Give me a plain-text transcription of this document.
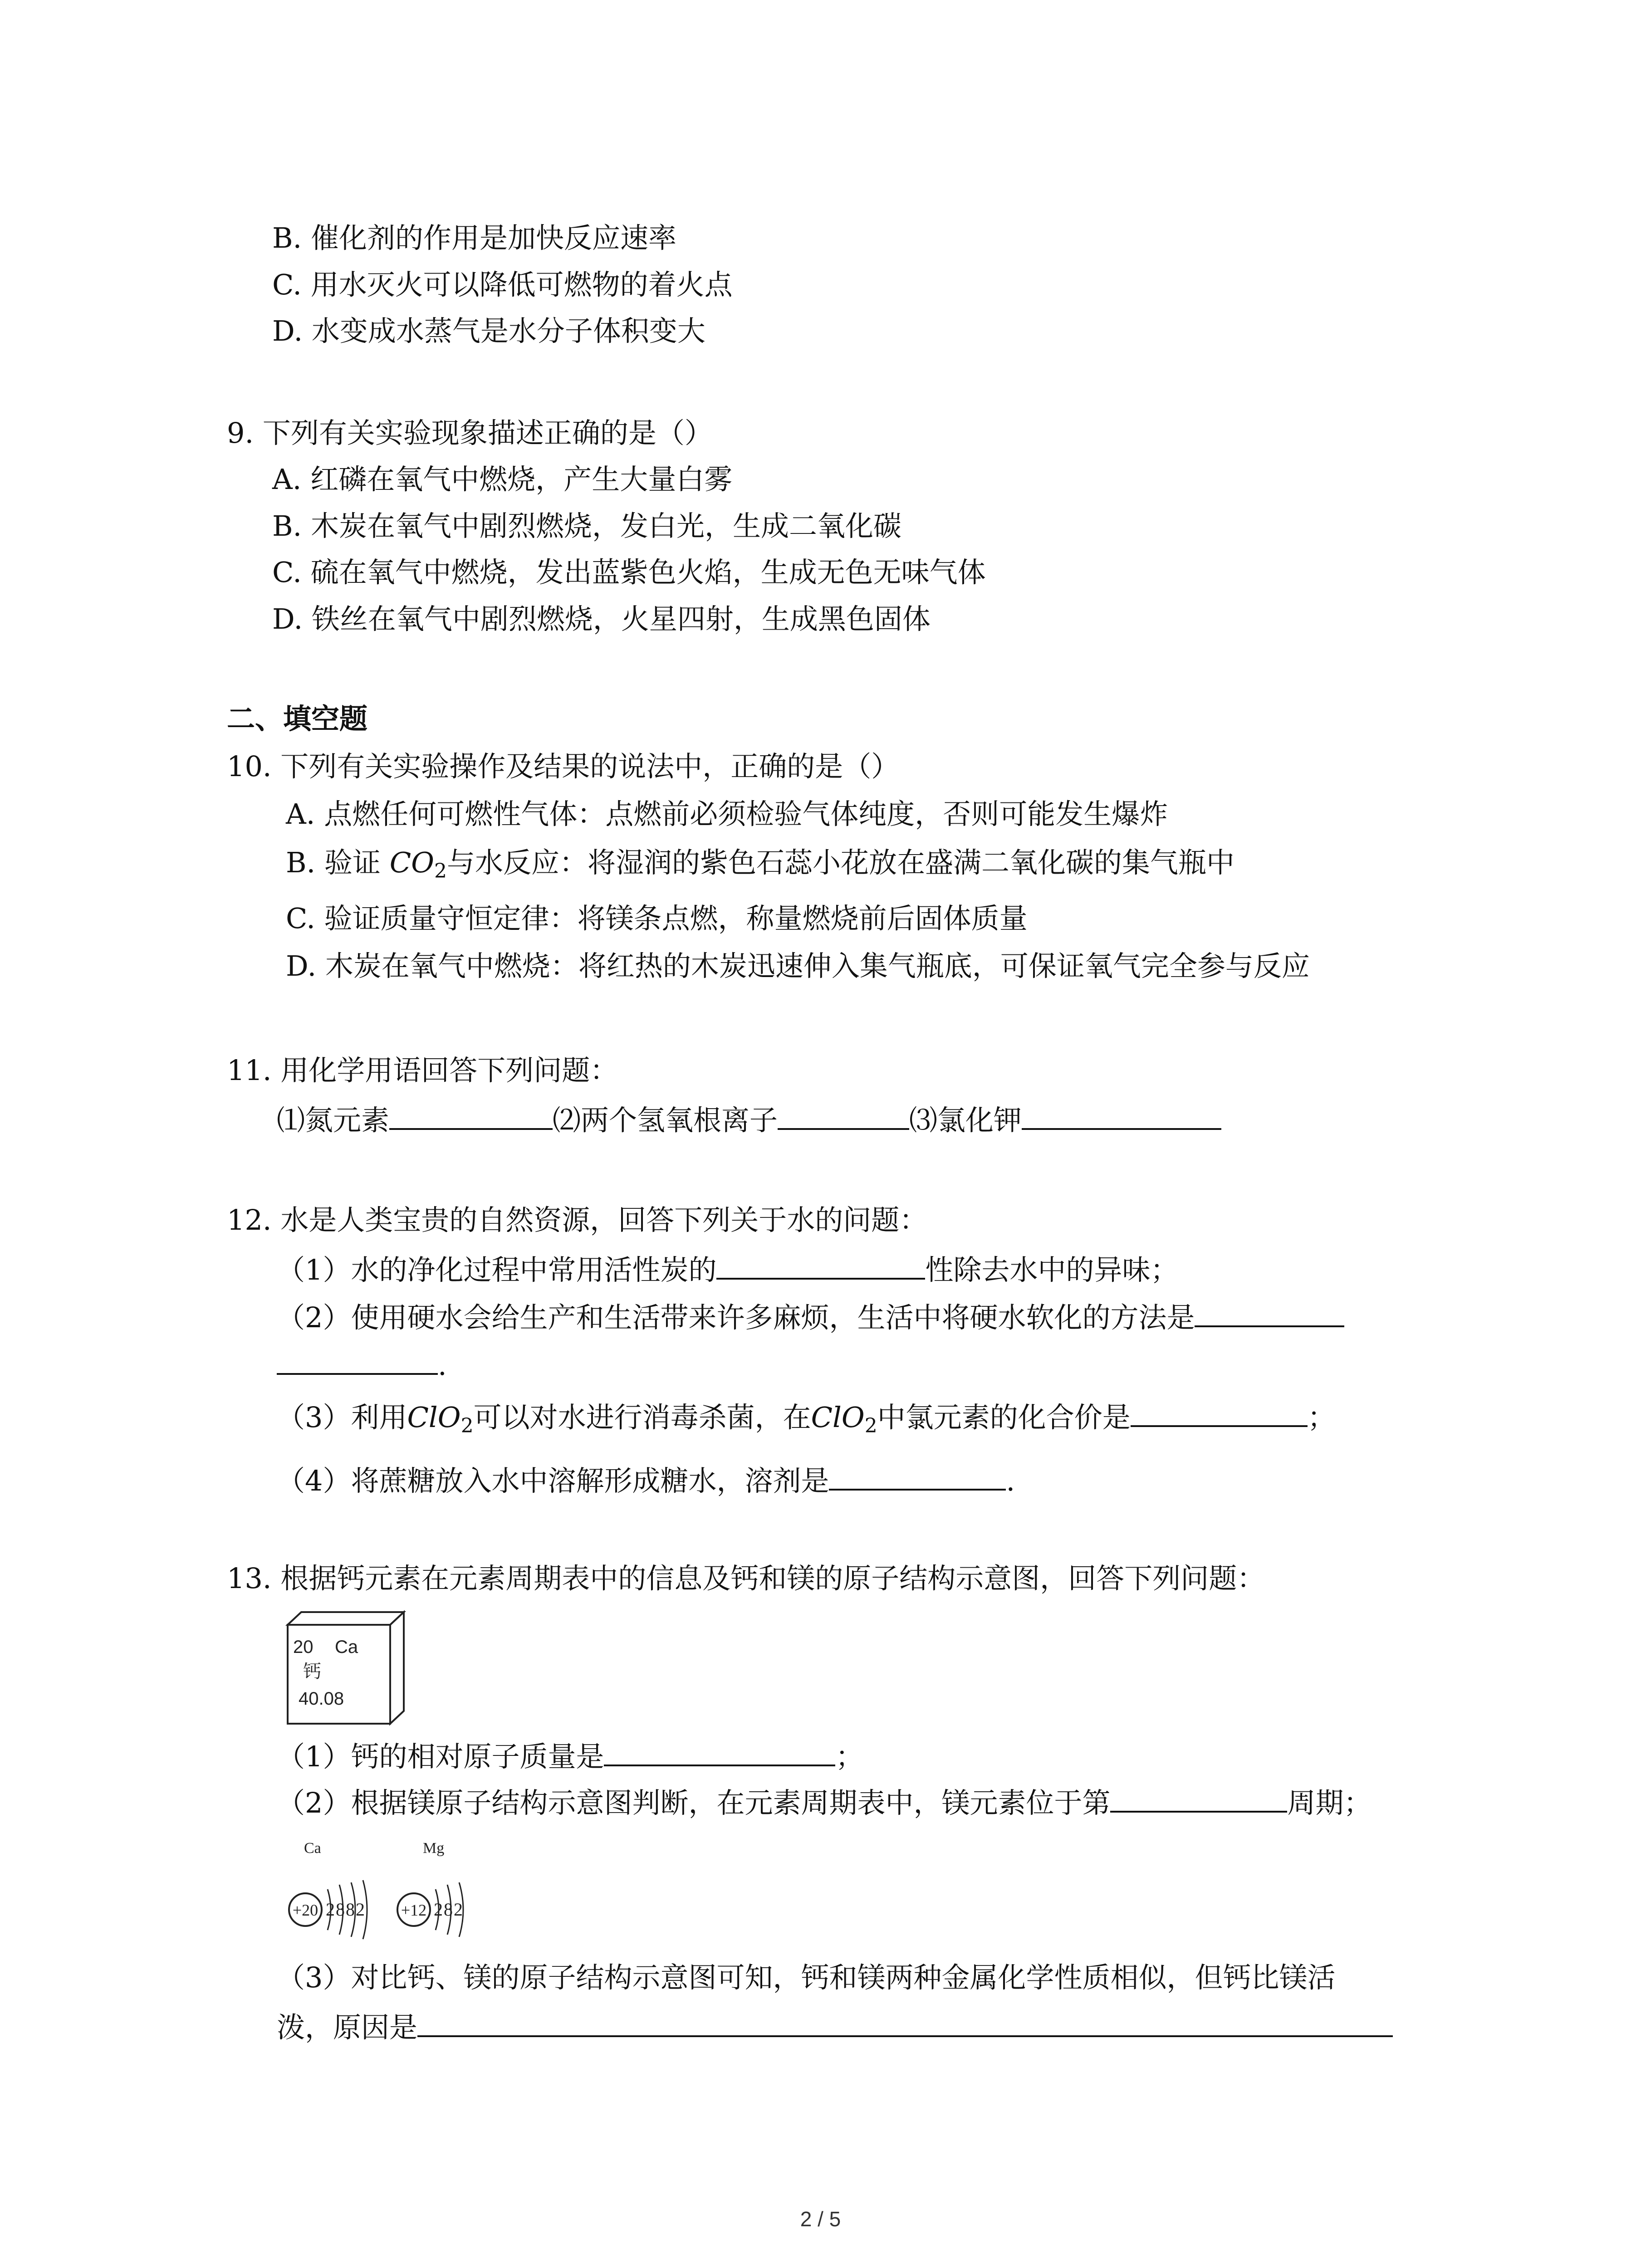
B. 催化剂的作用是加快反应速率
C. 用水灭火可以降低可燃物的着火点
D. 水变成水蒸气是水分子体积变大
9. 下列有关实验现象描述正确的是（）
A. 红磷在氧气中燃烧，产生大量白雾
B. 木炭在氧气中剧烈燃烧，发白光，生成二氧化碳
C. 硫在氧气中燃烧，发出蓝紫色火焰，生成无色无味气体
D. 铁丝在氧气中剧烈燃烧，火星四射，生成黑色固体
二、填空题
10. 下列有关实验操作及结果的说法中，正确的是（）
A. 点燃任何可燃性气体：点燃前必须检验气体纯度，否则可能发生爆炸
B. 验证 $CO_2$与水反应：将湿润的紫色石蕊小花放在盛满二氧化碳的集气瓶中
C. 验证质量守恒定律：将镁条点燃，称量燃烧前后固体质量
D. 木炭在氧气中燃烧：将红热的木炭迅速伸入集气瓶底，可保证氧气完全参与反应
11. 用化学用语回答下列问题：
⑴氮元素	⑵两个氢氧根离子	⑶氯化钾
12. 水是人类宝贵的自然资源，回答下列关于水的问题：
（1）水的净化过程中常用活性炭的	性除去水中的异味；
（2）使用硬水会给生产和生活带来许多麻烦，生活中将硬水软化的方法是
.
（3）利用ClO$_2$可以对水进行消毒杀菌，在ClO$_2$中氯元素的化合价是	；
（4）将蔗糖放入水中溶解形成糖水，溶剂是	.
13. 根据钙元素在元素周期表中的信息及钙和镁的原子结构示意图，回答下列问题：
20 Ca
钙
40.08
（1）钙的相对原子质量是	；
（2）根据镁原子结构示意图判断，在元素周期表中，镁元素位于第	周期；
Ca
+20 2882
Mg
+12 282
（3）对比钙、镁的原子结构示意图可知，钙和镁两种金属化学性质相似，但钙比镁活
泼，原因是
2 / 5
